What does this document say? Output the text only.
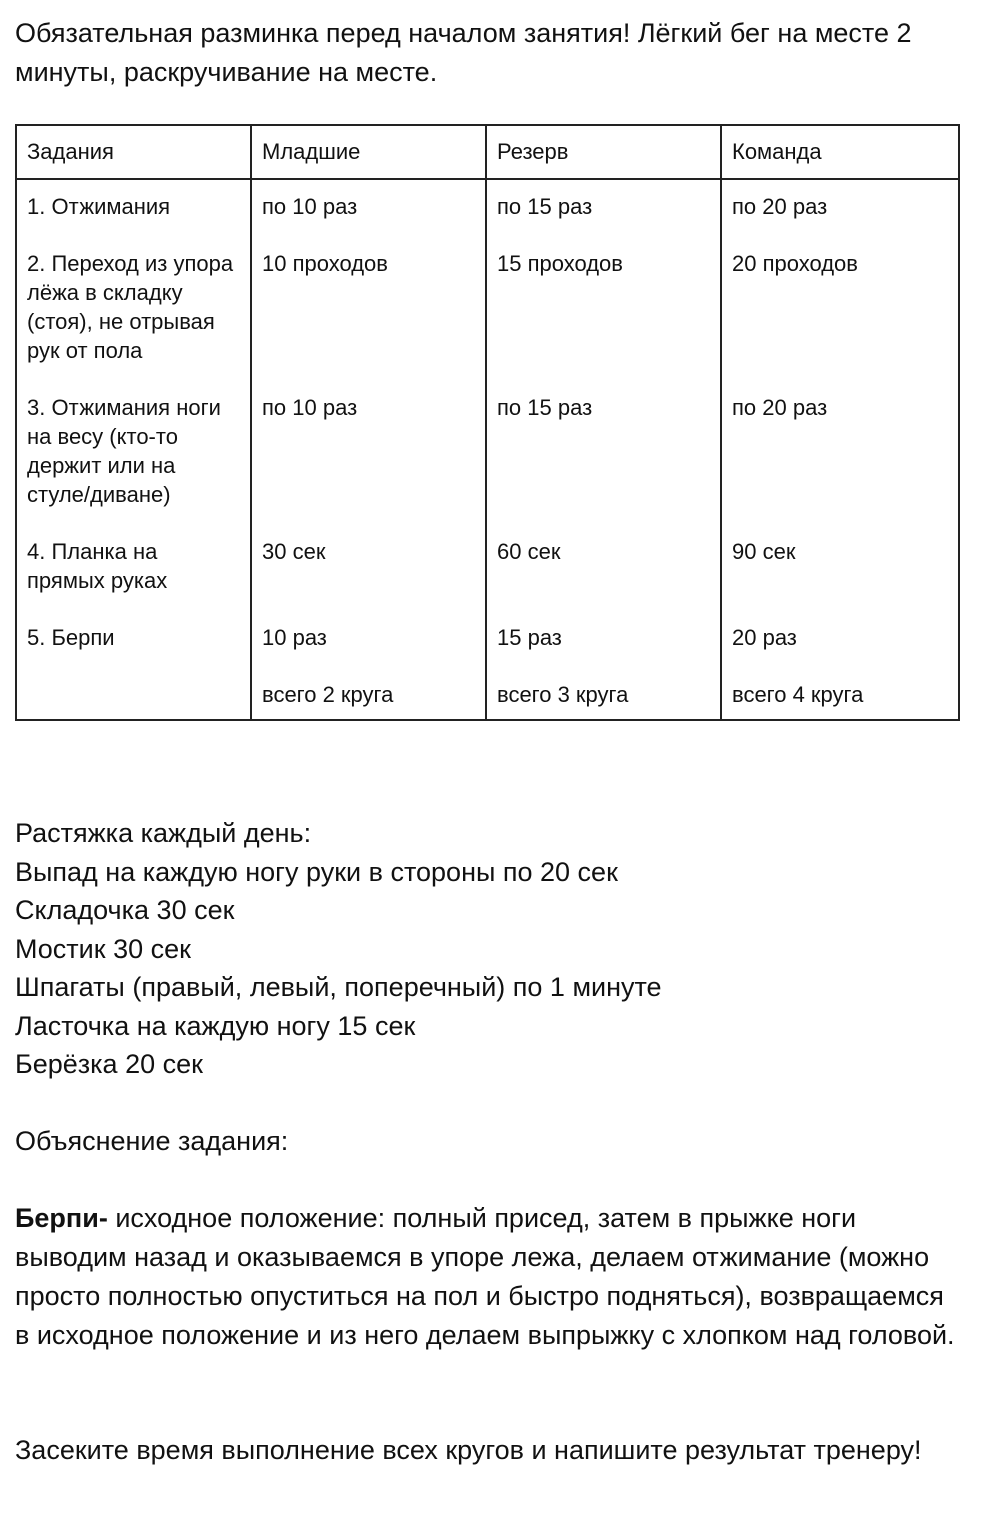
Обязательная разминка перед началом занятия! Лёгкий бег на месте 2 минуты, раскручивание на месте.

Задания	Младшие	Резерв	Команда
1. Отжимания	по 10 раз	по 15 раз	по 20 раз
2. Переход из упора лёжа в складку (стоя), не отрывая рук от пола	10 проходов	15 проходов	20 проходов
3. Отжимания ноги на весу (кто-то держит или на стуле/диване)	по 10 раз	по 15 раз	по 20 раз
4. Планка на прямых руках	30 сек	60 сек	90 сек
5. Берпи	10 раз	15 раз	20 раз
	всего 2 круга	всего 3 круга	всего 4 круга
Растяжка каждый день:
Выпад на каждую ногу руки в стороны по 20 сек
Складочка 30 сек
Мостик 30 сек
Шпагаты (правый, левый, поперечный) по 1 минуте
Ласточка на каждую ногу 15 сек
Берёзка 20 сек

Объяснение задания:

Берпи- исходное положение: полный присед, затем в прыжке ноги выводим назад и оказываемся в упоре лежа, делаем отжимание (можно просто полностью опуститься на пол и быстро подняться), возвращаемся в исходное положение и из него делаем выпрыжку с хлопком над головой.

Засеките время выполнение всех кругов и напишите результат тренеру!
